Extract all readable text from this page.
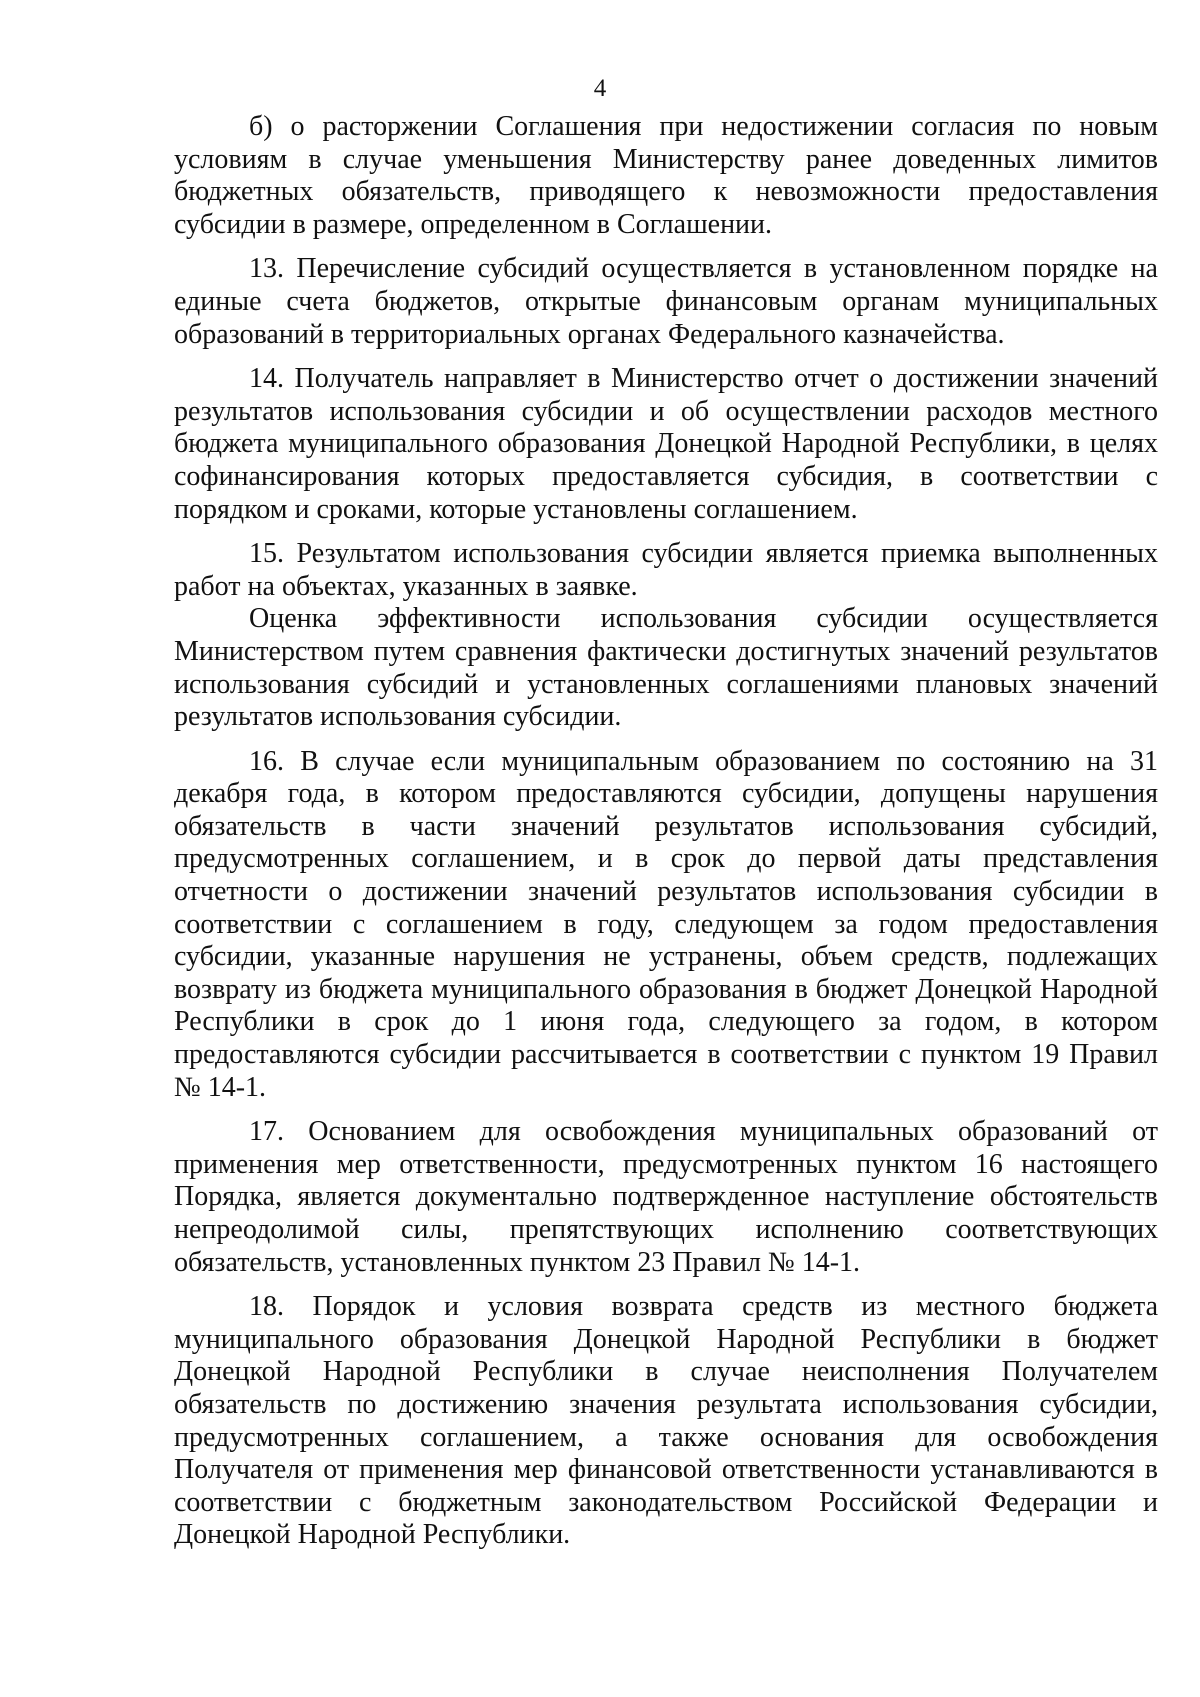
4

б) о расторжении Соглашения при недостижении согласия по новым условиям в случае уменьшения Министерству ранее доведенных лимитов бюджетных обязательств, приводящего к невозможности предоставления субсидии в размере, определенном в Соглашении.

13. Перечисление субсидий осуществляется в установленном порядке на единые счета бюджетов, открытые финансовым органам муниципальных образований в территориальных органах Федерального казначейства.

14. Получатель направляет в Министерство отчет о достижении значений результатов использования субсидии и об осуществлении расходов местного бюджета муниципального образования Донецкой Народной Республики, в целях софинансирования которых предоставляется субсидия, в соответствии с порядком и сроками, которые установлены соглашением.

15. Результатом использования субсидии является приемка выполненных работ на объектах, указанных в заявке.

Оценка эффективности использования субсидии осуществляется Министерством путем сравнения фактически достигнутых значений результатов использования субсидий и установленных соглашениями плановых значений результатов использования субсидии.

16. В случае если муниципальным образованием по состоянию на 31 декабря года, в котором предоставляются субсидии, допущены нарушения обязательств в части значений результатов использования субсидий, предусмотренных соглашением, и в срок до первой даты представления отчетности о достижении значений результатов использования субсидии в соответствии с соглашением в году, следующем за годом предоставления субсидии, указанные нарушения не устранены, объем средств, подлежащих возврату из бюджета муниципального образования в бюджет Донецкой Народной Республики в срок до 1 июня года, следующего за годом, в котором предоставляются субсидии рассчитывается в соответствии с пунктом 19 Правил № 14-1.

17. Основанием для освобождения муниципальных образований от применения мер ответственности, предусмотренных пунктом 16 настоящего Порядка, является документально подтвержденное наступление обстоятельств непреодолимой силы, препятствующих исполнению соответствующих обязательств, установленных пунктом 23 Правил № 14-1.

18. Порядок и условия возврата средств из местного бюджета муниципального образования Донецкой Народной Республики в бюджет Донецкой Народной Республики в случае неисполнения Получателем обязательств по достижению значения результата использования субсидии, предусмотренных соглашением, а также основания для освобождения Получателя от применения мер финансовой ответственности устанавливаются в соответствии с бюджетным законодательством Российской Федерации и Донецкой Народной Республики.
